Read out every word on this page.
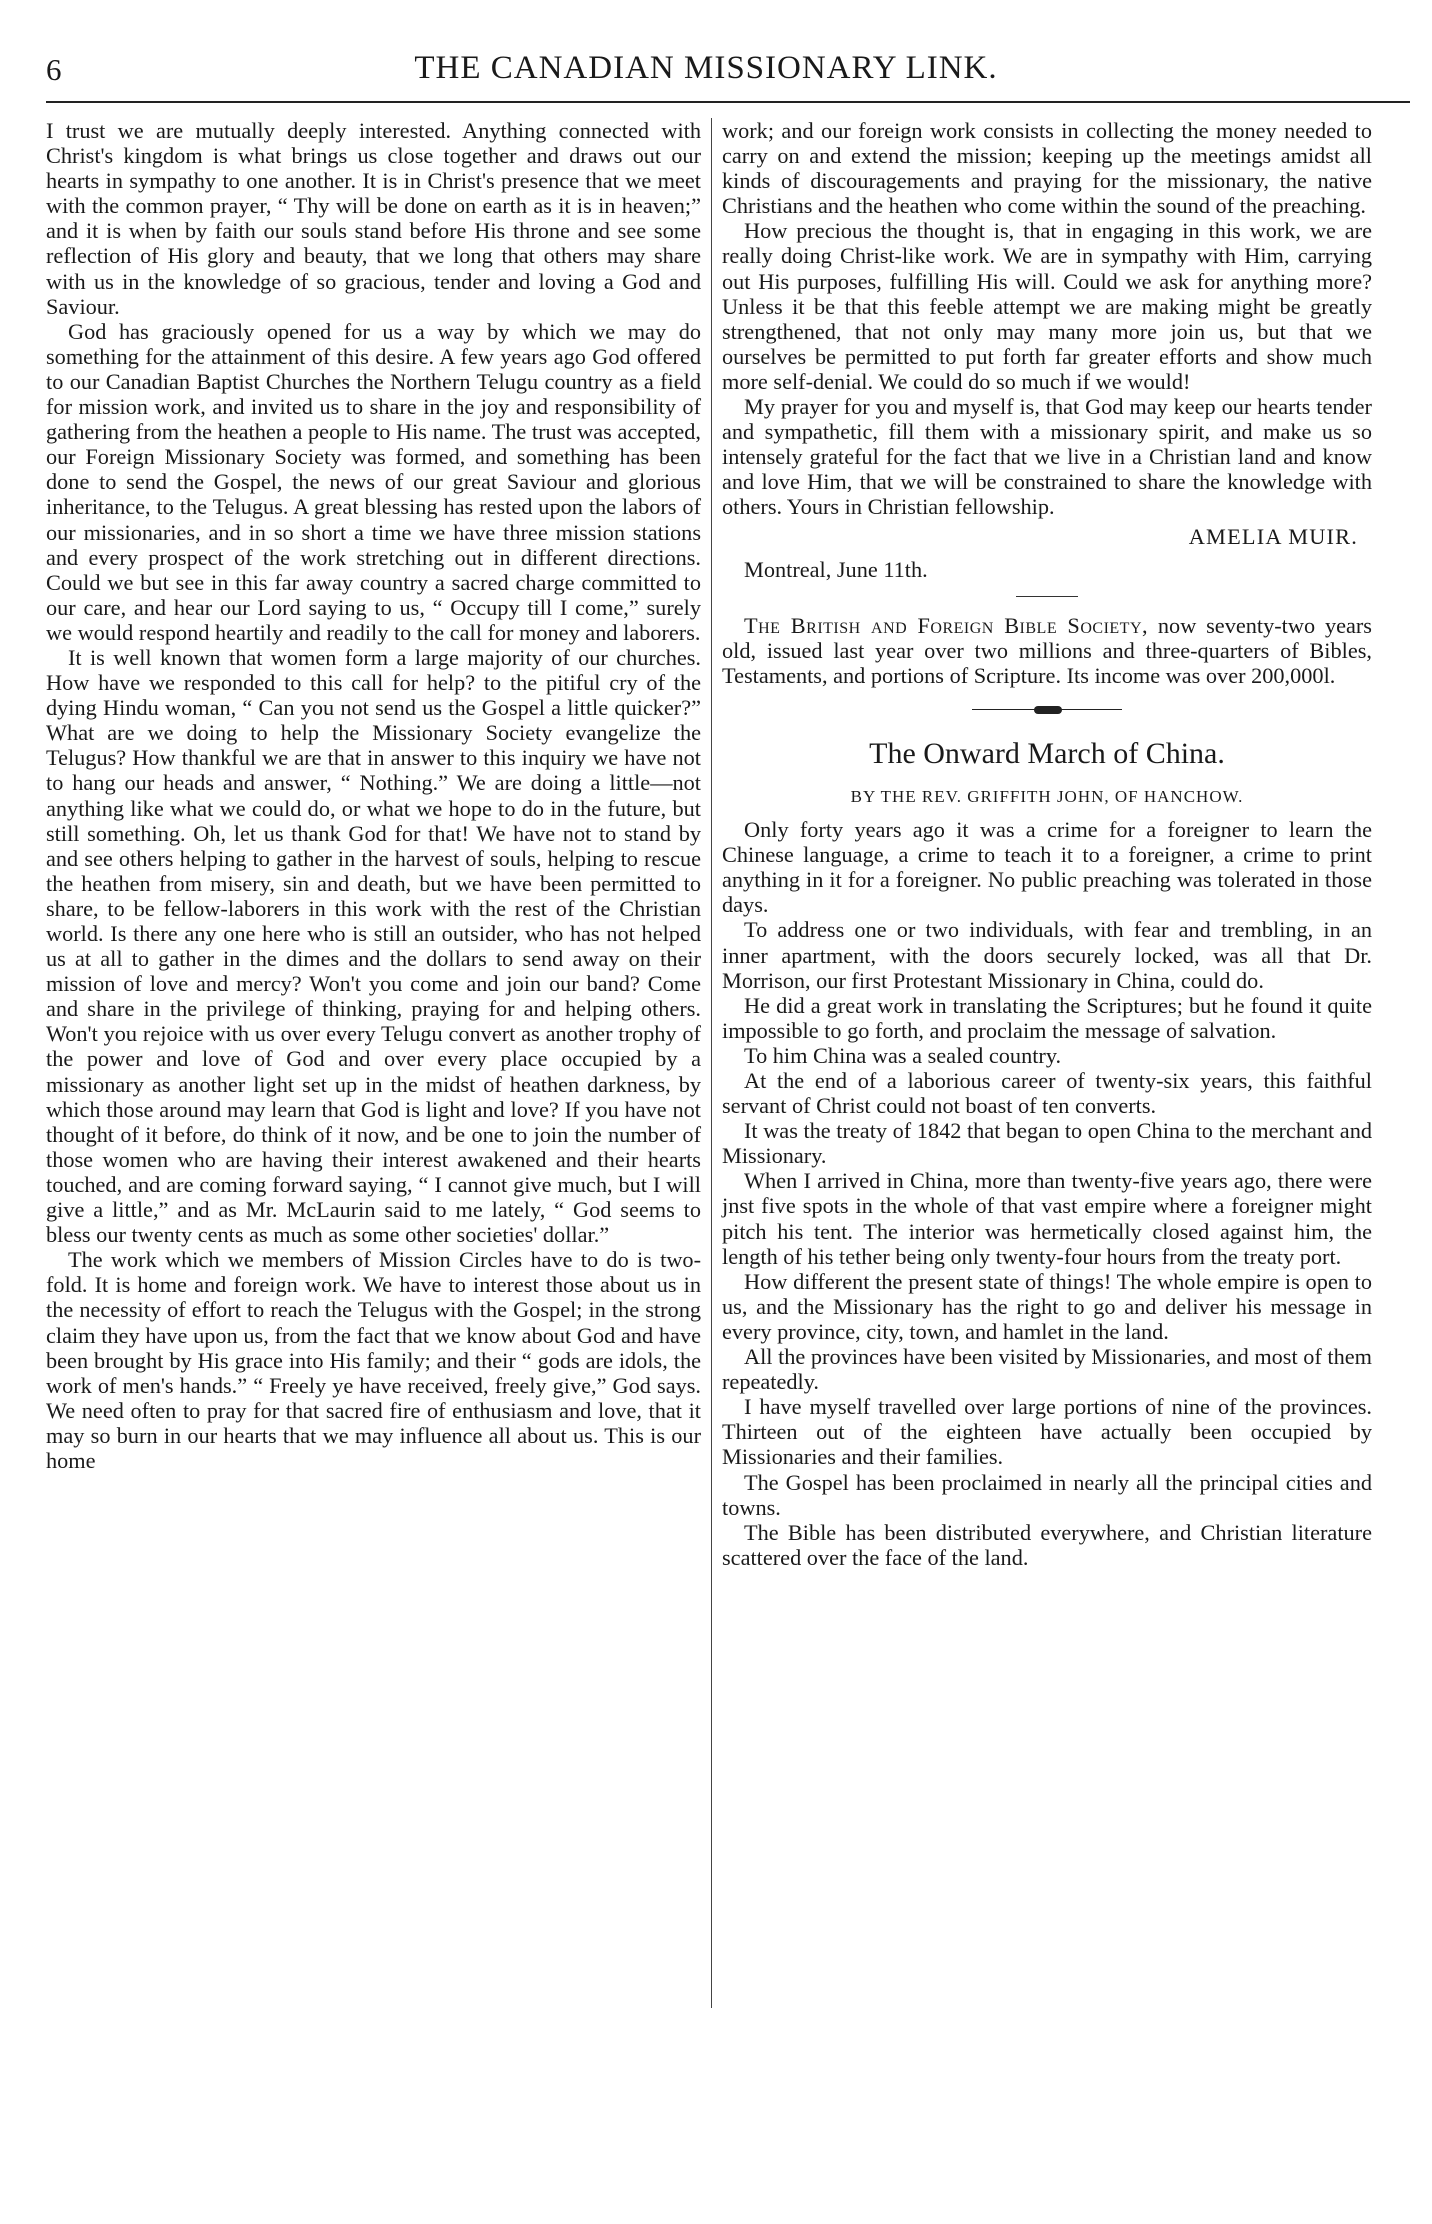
6	THE CANADIAN MISSIONARY LINK.

I trust we are mutually deeply interested. Anything connected with Christ's kingdom is what brings us close together and draws out our hearts in sympathy to one another. It is in Christ's presence that we meet with the common prayer, “ Thy will be done on earth as it is in heaven;” and it is when by faith our souls stand before His throne and see some reflection of His glory and beauty, that we long that others may share with us in the knowledge of so gracious, tender and loving a God and Saviour.

God has graciously opened for us a way by which we may do something for the attainment of this desire. A few years ago God offered to our Canadian Baptist Churches the Northern Telugu country as a field for mission work, and invited us to share in the joy and responsibility of gathering from the heathen a people to His name. The trust was accepted, our Foreign Missionary Society was formed, and something has been done to send the Gospel, the news of our great Saviour and glorious inheritance, to the Telugus. A great blessing has rested upon the labors of our missionaries, and in so short a time we have three mission stations and every prospect of the work stretching out in different directions. Could we but see in this far away country a sacred charge committed to our care, and hear our Lord saying to us, “ Occupy till I come,” surely we would respond heartily and readily to the call for money and laborers.

It is well known that women form a large majority of our churches. How have we responded to this call for help? to the pitiful cry of the dying Hindu woman, “ Can you not send us the Gospel a little quicker?” What are we doing to help the Missionary Society evangelize the Telugus? How thankful we are that in answer to this inquiry we have not to hang our heads and answer, “ Nothing.” We are doing a little—not anything like what we could do, or what we hope to do in the future, but still something. Oh, let us thank God for that! We have not to stand by and see others helping to gather in the harvest of souls, helping to rescue the heathen from misery, sin and death, but we have been permitted to share, to be fellow-laborers in this work with the rest of the Christian world. Is there any one here who is still an outsider, who has not helped us at all to gather in the dimes and the dollars to send away on their mission of love and mercy? Won't you come and join our band? Come and share in the privilege of thinking, praying for and helping others. Won't you rejoice with us over every Telugu convert as another trophy of the power and love of God and over every place occupied by a missionary as another light set up in the midst of heathen darkness, by which those around may learn that God is light and love? If you have not thought of it before, do think of it now, and be one to join the number of those women who are having their interest awakened and their hearts touched, and are coming forward saying, “ I cannot give much, but I will give a little,” and as Mr. McLaurin said to me lately, “ God seems to bless our twenty cents as much as some other societies' dollar.”

The work which we members of Mission Circles have to do is two-fold. It is home and foreign work. We have to interest those about us in the necessity of effort to reach the Telugus with the Gospel; in the strong claim they have upon us, from the fact that we know about God and have been brought by His grace into His family; and their “ gods are idols, the work of men's hands.” “ Freely ye have received, freely give,” God says. We need often to pray for that sacred fire of enthusiasm and love, that it may so burn in our hearts that we may influence all about us. This is our home

work; and our foreign work consists in collecting the money needed to carry on and extend the mission; keeping up the meetings amidst all kinds of discouragements and praying for the missionary, the native Christians and the heathen who come within the sound of the preaching.

How precious the thought is, that in engaging in this work, we are really doing Christ-like work. We are in sympathy with Him, carrying out His purposes, fulfilling His will. Could we ask for anything more? Unless it be that this feeble attempt we are making might be greatly strengthened, that not only may many more join us, but that we ourselves be permitted to put forth far greater efforts and show much more self-denial. We could do so much if we would!

My prayer for you and myself is, that God may keep our hearts tender and sympathetic, fill them with a missionary spirit, and make us so intensely grateful for the fact that we live in a Christian land and know and love Him, that we will be constrained to share the knowledge with others. Yours in Christian fellowship.

AMELIA MUIR.

Montreal, June 11th.

The British and Foreign Bible Society, now seventy-two years old, issued last year over two millions and three-quarters of Bibles, Testaments, and portions of Scripture. Its income was over 200,000l.

The Onward March of China.
BY THE REV. GRIFFITH JOHN, OF HANCHOW.

Only forty years ago it was a crime for a foreigner to learn the Chinese language, a crime to teach it to a foreigner, a crime to print anything in it for a foreigner. No public preaching was tolerated in those days.

To address one or two individuals, with fear and trembling, in an inner apartment, with the doors securely locked, was all that Dr. Morrison, our first Protestant Missionary in China, could do.

He did a great work in translating the Scriptures; but he found it quite impossible to go forth, and proclaim the message of salvation.

To him China was a sealed country.

At the end of a laborious career of twenty-six years, this faithful servant of Christ could not boast of ten converts.

It was the treaty of 1842 that began to open China to the merchant and Missionary.

When I arrived in China, more than twenty-five years ago, there were jnst five spots in the whole of that vast empire where a foreigner might pitch his tent. The interior was hermetically closed against him, the length of his tether being only twenty-four hours from the treaty port.

How different the present state of things! The whole empire is open to us, and the Missionary has the right to go and deliver his message in every province, city, town, and hamlet in the land.

All the provinces have been visited by Missionaries, and most of them repeatedly.

I have myself travelled over large portions of nine of the provinces. Thirteen out of the eighteen have actually been occupied by Missionaries and their families.

The Gospel has been proclaimed in nearly all the principal cities and towns.

The Bible has been distributed everywhere, and Christian literature scattered over the face of the land.
